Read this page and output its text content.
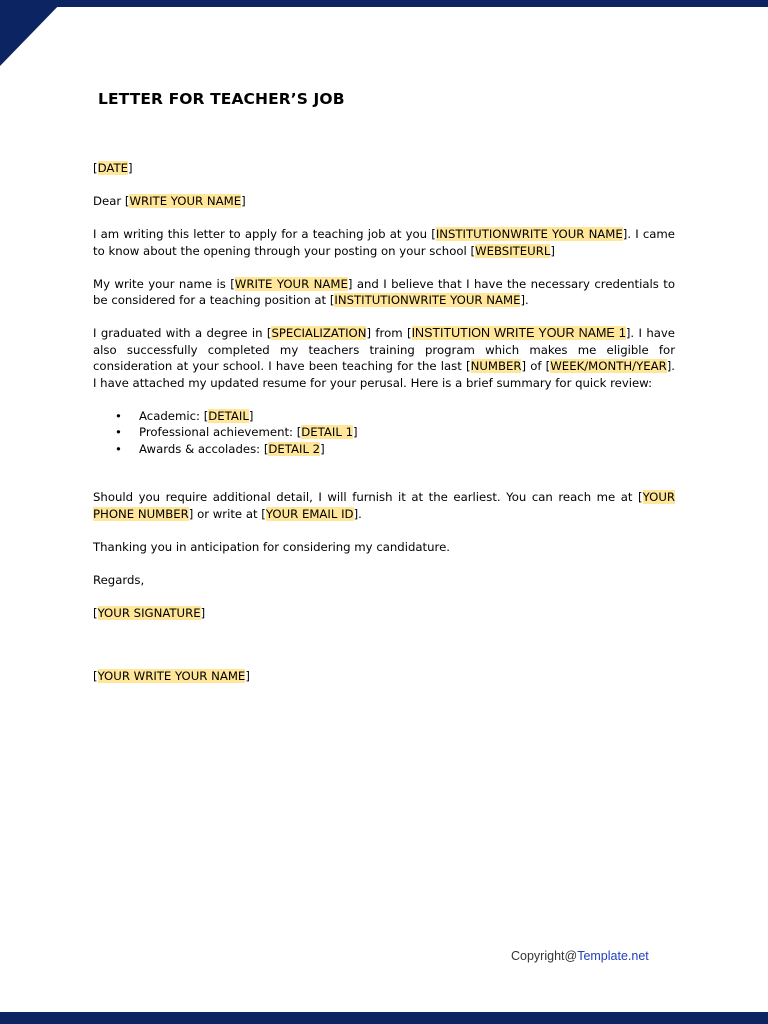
LETTER FOR TEACHER’S JOB

[DATE]

Dear [WRITE YOUR NAME]

I am writing this letter to apply for a teaching job at you [INSTITUTIONWRITE YOUR NAME]. I came to know about the opening through your posting on your school [WEBSITEURL]

My write your name is [WRITE YOUR NAME] and I believe that I have the necessary credentials to be considered for a teaching position at [INSTITUTIONWRITE YOUR NAME].

I graduated with a degree in [SPECIALIZATION] from [INSTITUTION WRITE YOUR NAME 1]. I have also successfully completed my teachers training program which makes me eligible for consideration at your school. I have been teaching for the last [NUMBER] of [WEEK/MONTH/YEAR]. I have attached my updated resume for your perusal. Here is a brief summary for quick review:

• Academic: [DETAIL]
• Professional achievement: [DETAIL 1]
• Awards & accolades: [DETAIL 2]

Should you require additional detail, I will furnish it at the earliest. You can reach me at [YOUR PHONE NUMBER] or write at [YOUR EMAIL ID].

Thanking you in anticipation for considering my candidature.

Regards,

[YOUR SIGNATURE]

[YOUR WRITE YOUR NAME]

Copyright@Template.net
